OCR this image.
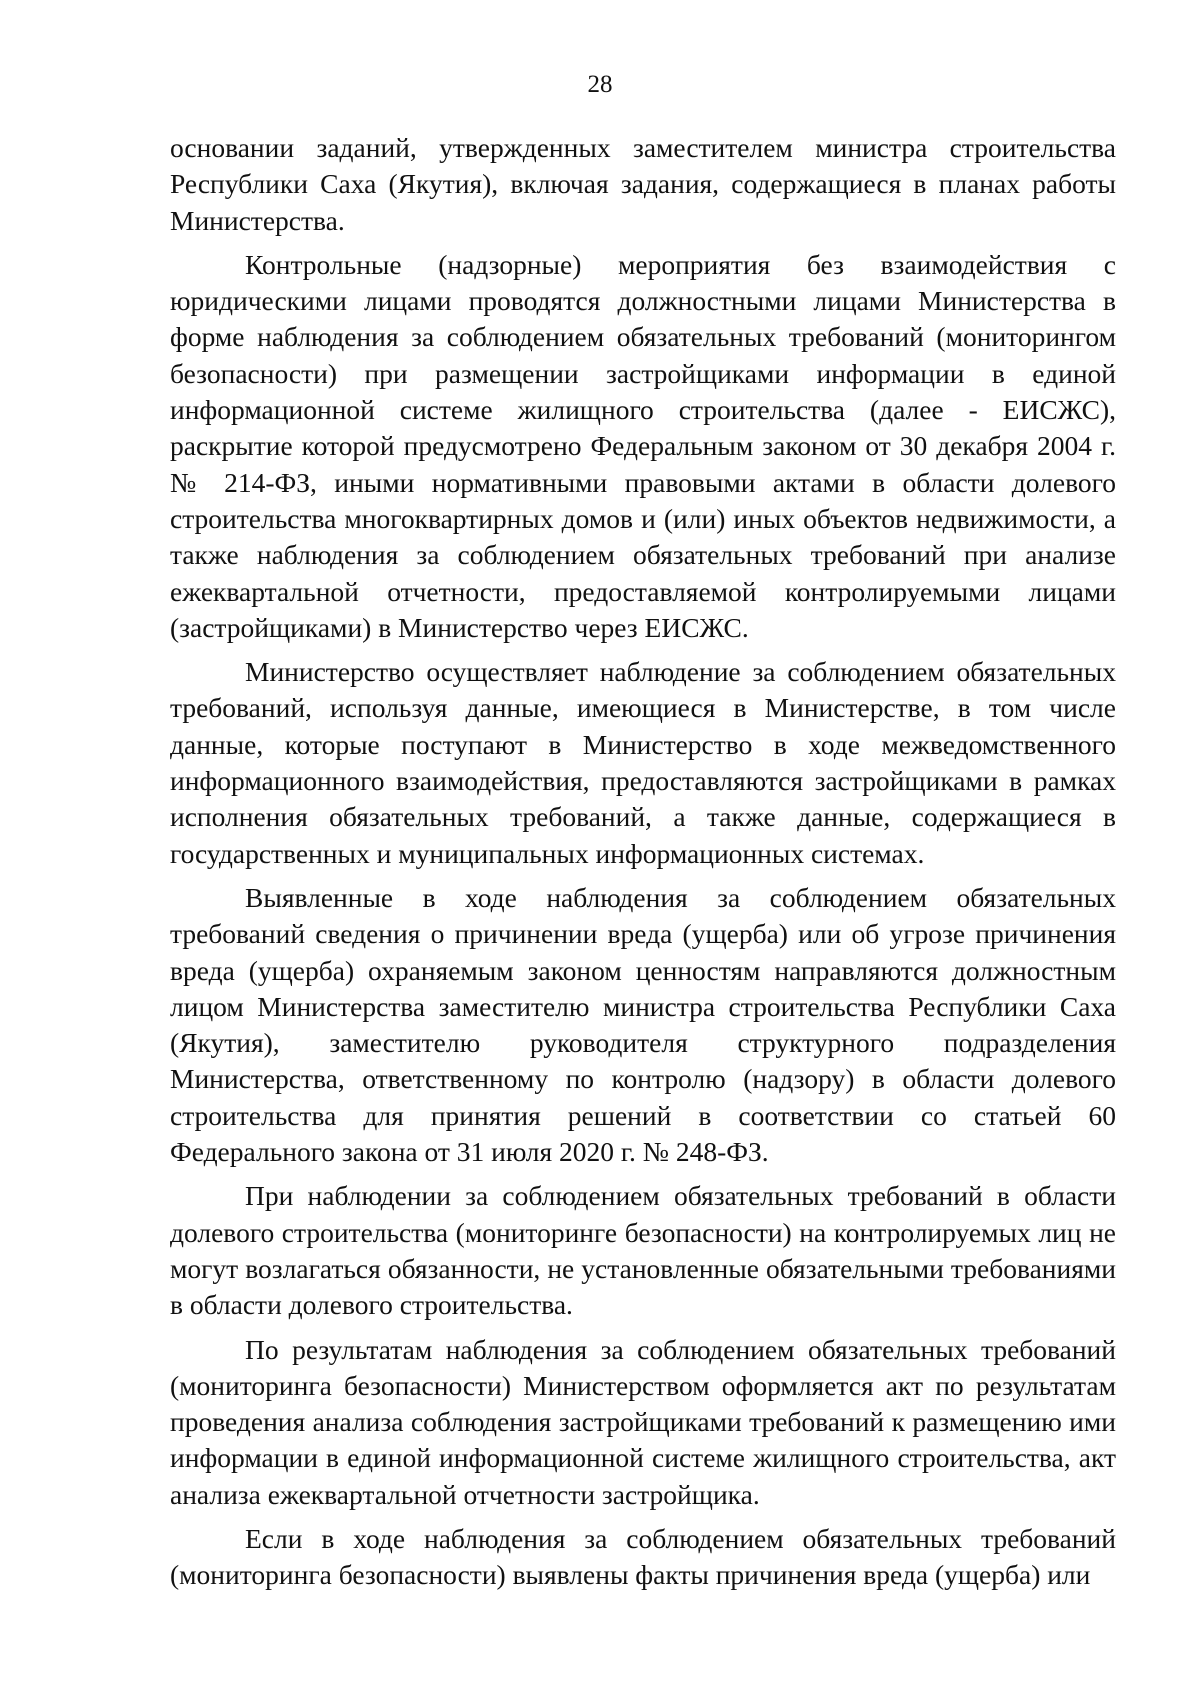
28

основании заданий, утвержденных заместителем министра строительства Республики Саха (Якутия), включая задания, содержащиеся в планах работы Министерства.

Контрольные (надзорные) мероприятия без взаимодействия с юридическими лицами проводятся должностными лицами Министерства в форме наблюдения за соблюдением обязательных требований (мониторингом безопасности) при размещении застройщиками информации в единой информационной системе жилищного строительства (далее - ЕИСЖС), раскрытие которой предусмотрено Федеральным законом от 30 декабря 2004 г. № 214-ФЗ, иными нормативными правовыми актами в области долевого строительства многоквартирных домов и (или) иных объектов недвижимости, а также наблюдения за соблюдением обязательных требований при анализе ежеквартальной отчетности, предоставляемой контролируемыми лицами (застройщиками) в Министерство через ЕИСЖС.

Министерство осуществляет наблюдение за соблюдением обязательных требований, используя данные, имеющиеся в Министерстве, в том числе данные, которые поступают в Министерство в ходе межведомственного информационного взаимодействия, предоставляются застройщиками в рамках исполнения обязательных требований, а также данные, содержащиеся в государственных и муниципальных информационных системах.

Выявленные в ходе наблюдения за соблюдением обязательных требований сведения о причинении вреда (ущерба) или об угрозе причинения вреда (ущерба) охраняемым законом ценностям направляются должностным лицом Министерства заместителю министра строительства Республики Саха (Якутия), заместителю руководителя структурного подразделения Министерства, ответственному по контролю (надзору) в области долевого строительства для принятия решений в соответствии со статьей 60 Федерального закона от 31 июля 2020 г. № 248-ФЗ.

При наблюдении за соблюдением обязательных требований в области долевого строительства (мониторинге безопасности) на контролируемых лиц не могут возлагаться обязанности, не установленные обязательными требованиями в области долевого строительства.

По результатам наблюдения за соблюдением обязательных требований (мониторинга безопасности) Министерством оформляется акт по результатам проведения анализа соблюдения застройщиками требований к размещению ими информации в единой информационной системе жилищного строительства, акт анализа ежеквартальной отчетности застройщика.

Если в ходе наблюдения за соблюдением обязательных требований (мониторинга безопасности) выявлены факты причинения вреда (ущерба) или
